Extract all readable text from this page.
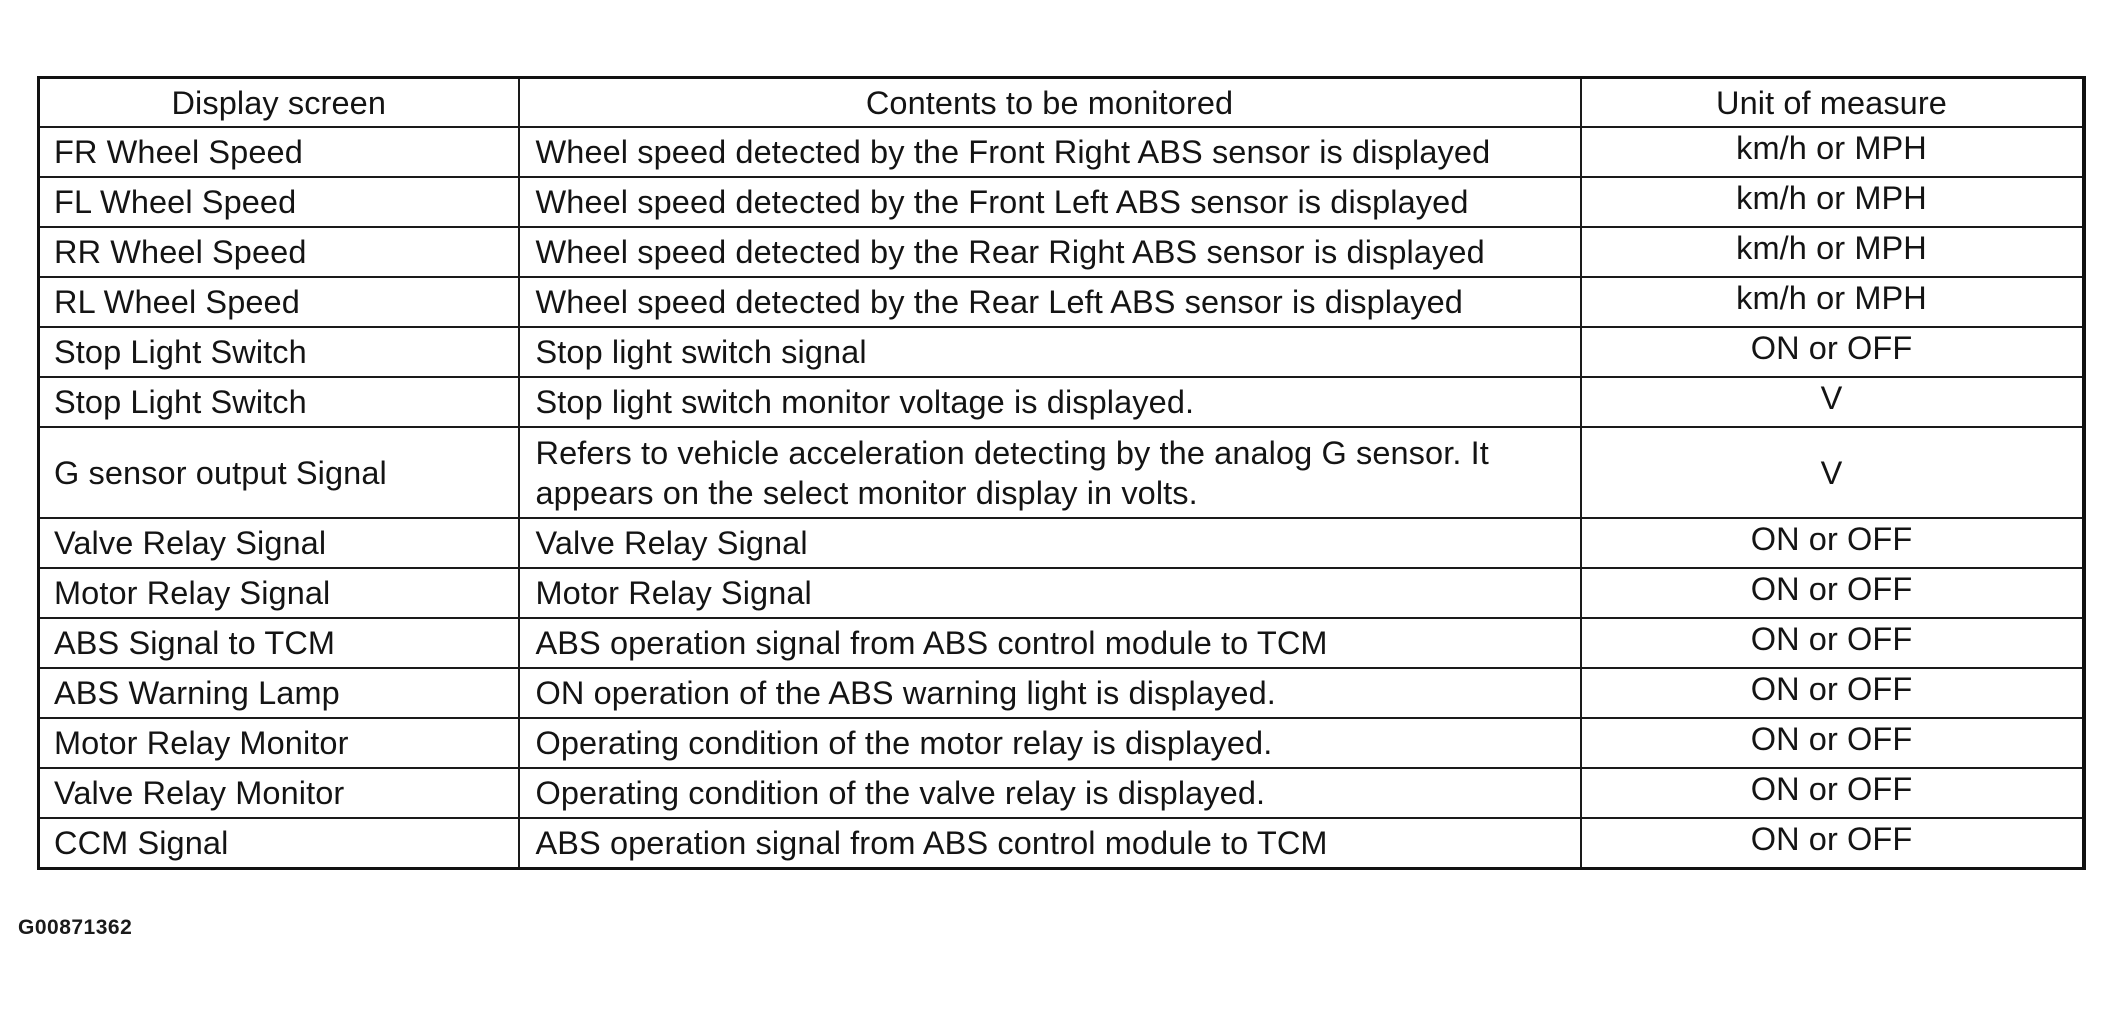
Display screen	Contents to be monitored	Unit of measure
FR Wheel Speed	Wheel speed detected by the Front Right ABS sensor is displayed	km/h or MPH
FL Wheel Speed	Wheel speed detected by the Front Left ABS sensor is displayed	km/h or MPH
RR Wheel Speed	Wheel speed detected by the Rear Right ABS sensor is displayed	km/h or MPH
RL Wheel Speed	Wheel speed detected by the Rear Left ABS sensor is displayed	km/h or MPH
Stop Light Switch	Stop light switch signal	ON or OFF
Stop Light Switch	Stop light switch monitor voltage is displayed.	V
G sensor output Signal	Refers to vehicle acceleration detecting by the analog G sensor. It appears on the select monitor display in volts.	V
Valve Relay Signal	Valve Relay Signal	ON or OFF
Motor Relay Signal	Motor Relay Signal	ON or OFF
ABS Signal to TCM	ABS operation signal from ABS control module to TCM	ON or OFF
ABS Warning Lamp	ON operation of the ABS warning light is displayed.	ON or OFF
Motor Relay Monitor	Operating condition of the motor relay is displayed.	ON or OFF
Valve Relay Monitor	Operating condition of the valve relay is displayed.	ON or OFF
CCM Signal	ABS operation signal from ABS control module to TCM	ON or OFF
G00871362
